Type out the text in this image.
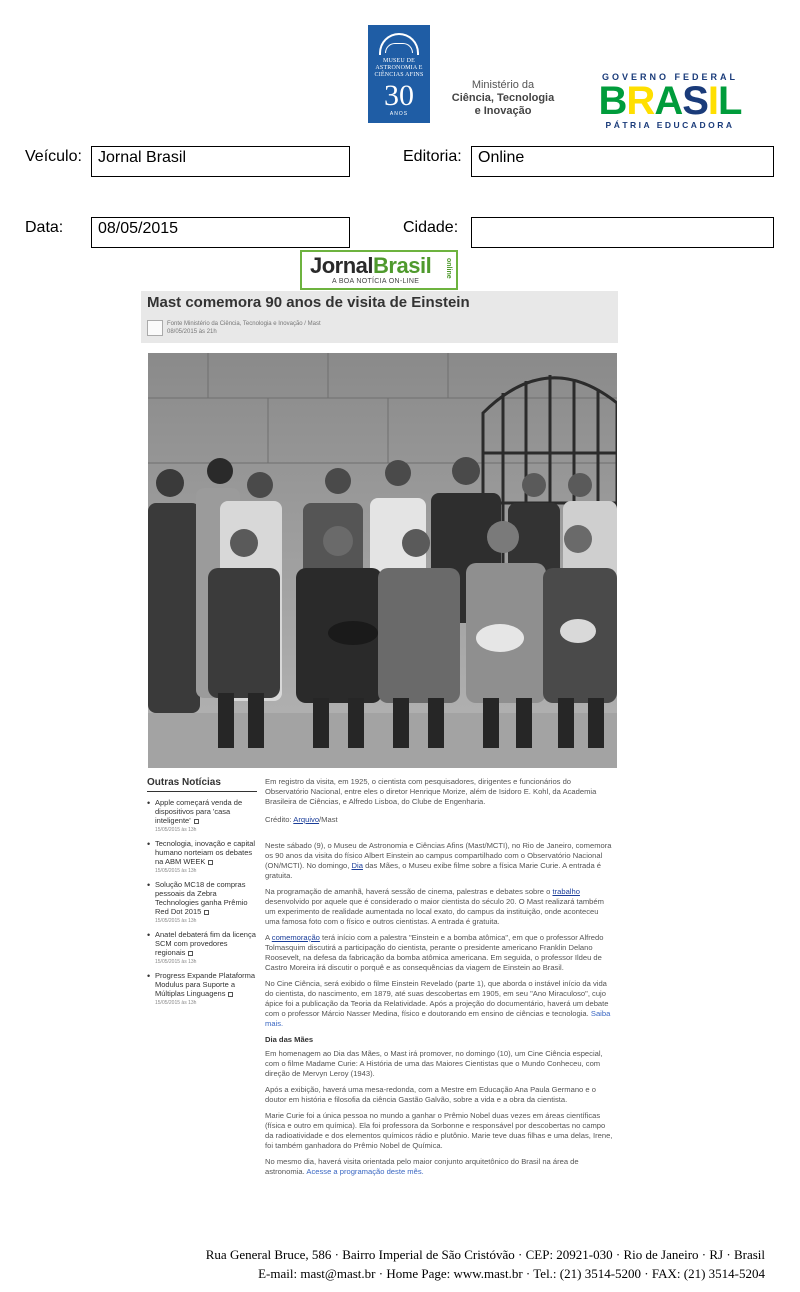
MUSEU DE ASTRONOMIA E CIÊNCIAS AFINS
30
ANOS
Ministério da
Ciência, Tecnologia
e Inovação
GOVERNO FEDERAL
BRASIL
PÁTRIA EDUCADORA
Veículo:	Jornal Brasil	Editoria:	Online
Data:	08/05/2015	Cidade:
JornalBrasil
A BOA NOTÍCIA ON-LINE
online
Mast comemora 90 anos de visita de Einstein
Fonte Ministério da Ciência, Tecnologia e Inovação / Mast
08/05/2015 às 21h
Outras Notícias
• Apple começará venda de dispositivos para 'casa inteligente'
15/05/2015 às 13h
• Tecnologia, inovação e capital humano norteiam os debates na ABM WEEK
15/05/2015 às 13h
• Solução MC18 de compras pessoais da Zebra Technologies ganha Prêmio Red Dot 2015
15/05/2015 às 13h
• Anatel debaterá fim da licença SCM com provedores regionais
15/05/2015 às 13h
• Progress Expande Plataforma Modulus para Suporte a Múltiplas Linguagens
15/05/2015 às 13h

Em registro da visita, em 1925, o cientista com pesquisadores, dirigentes e funcionários do Observatório Nacional, entre eles o diretor Henrique Morize, além de Isidoro E. Kohl, da Academia Brasileira de Ciências, e Alfredo Lisboa, do Clube de Engenharia.

Crédito: Arquivo/Mast

Neste sábado (9), o Museu de Astronomia e Ciências Afins (Mast/MCTI), no Rio de Janeiro, comemora os 90 anos da visita do físico Albert Einstein ao campus compartilhado com o Observatório Nacional (ON/MCTI). No domingo, Dia das Mães, o Museu exibe filme sobre a física Marie Curie. A entrada é gratuita.

Na programação de amanhã, haverá sessão de cinema, palestras e debates sobre o trabalho desenvolvido por aquele que é considerado o maior cientista do século 20. O Mast realizará também um experimento de realidade aumentada no local exato, do campus da instituição, onde aconteceu uma famosa foto com o físico e outros cientistas. A entrada é gratuita.

A comemoração terá início com a palestra "Einstein e a bomba atômica", em que o professor Alfredo Tolmasquim discutirá a participação do cientista, perante o presidente americano Franklin Delano Roosevelt, na defesa da fabricação da bomba atômica americana. Em seguida, o professor Ildeu de Castro Moreira irá discutir o porquê e as consequências da viagem de Einstein ao Brasil.

No Cine Ciência, será exibido o filme Einstein Revelado (parte 1), que aborda o instável início da vida do cientista, do nascimento, em 1879, até suas descobertas em 1905, em seu "Ano Miraculoso", cujo ápice foi a publicação da Teoria da Relatividade. Após a projeção do documentário, haverá um debate com o professor Márcio Nasser Medina, físico e doutorando em ensino de ciências e tecnologia. Saiba mais.

Dia das Mães

Em homenagem ao Dia das Mães, o Mast irá promover, no domingo (10), um Cine Ciência especial, com o filme Madame Curie: A História de uma das Maiores Cientistas que o Mundo Conheceu, com direção de Mervyn Leroy (1943).

Após a exibição, haverá uma mesa-redonda, com a Mestre em Educação Ana Paula Germano e o doutor em história e filosofia da ciência Gastão Galvão, sobre a vida e a obra da cientista.

Marie Curie foi a única pessoa no mundo a ganhar o Prêmio Nobel duas vezes em áreas científicas (física e outro em química). Ela foi professora da Sorbonne e responsável por descobertas no campo da radioatividade e dos elementos químicos rádio e plutônio. Marie teve duas filhas e uma delas, Irene, foi também ganhadora do Prêmio Nobel de Química.

No mesmo dia, haverá visita orientada pelo maior conjunto arquitetônico do Brasil na área de astronomia. Acesse a programação deste mês.

Rua General Bruce, 586 · Bairro Imperial de São Cristóvão · CEP: 20921-030 · Rio de Janeiro · RJ · Brasil
E-mail: mast@mast.br · Home Page: www.mast.br · Tel.: (21) 3514-5200 · FAX: (21) 3514-5204
